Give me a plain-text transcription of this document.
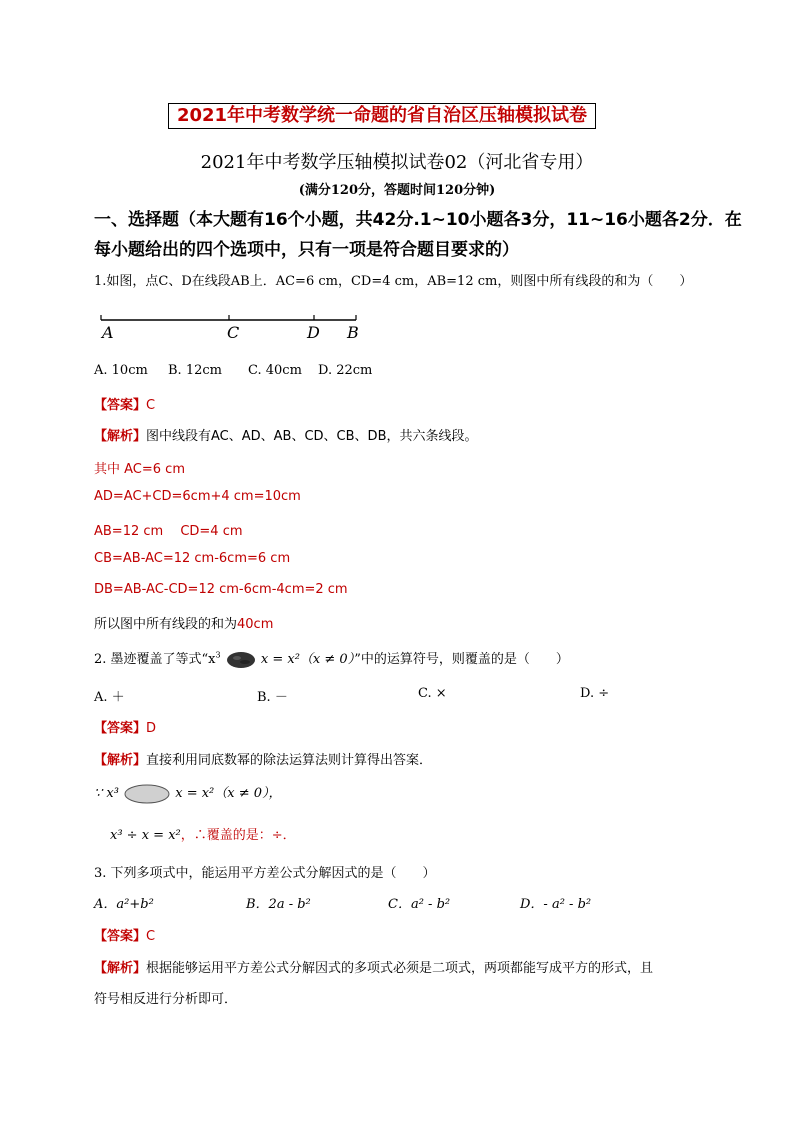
2021年中考数学统一命题的省自治区压轴模拟试卷
2021年中考数学压轴模拟试卷02（河北省专用）
(满分120分，答题时间120分钟)
一、选择题（本大题有16个小题，共42分.1~10小题各3分，11~16小题各2分．在
每小题给出的四个选项中，只有一项是符合题目要求的）
1.如图，点C、D在线段AB上．AC=6 cm，CD=4 cm，AB=12 cm，则图中所有线段的和为（　　）
A	C	D B
A. 10cm B. 12cm C. 40cm D. 22cm
【答案】C
【解析】图中线段有AC、AD、AB、CD、CB、DB，共六条线段。
其中 AC=6 cm
AD=AC+CD=6cm+4 cm=10cm
AB=12 cm　 CD=4 cm
CB=AB-AC=12 cm-6cm=6 cm
DB=AB-AC-CD=12 cm-6cm-4cm=2 cm
所以图中所有线段的和为40cm
2. 墨迹覆盖了等式“$x^3$	x = x²（x ≠ 0）”中的运算符号，则覆盖的是（　　）
A. ＋	B. －	C. ×	D. ÷
【答案】D
【解析】直接利用同底数幂的除法运算法则计算得出答案．
∵ x³	x = x²（x ≠ 0），
x³ ÷ x = x²，∴覆盖的是：÷．
3. 下列多项式中，能运用平方差公式分解因式的是（　　）
A．a²+b²	B．2a - b²	C．a² - b²	D．- a² - b²
【答案】C
【解析】根据能够运用平方差公式分解因式的多项式必须是二项式，两项都能写成平方的形式，且
符号相反进行分析即可．
